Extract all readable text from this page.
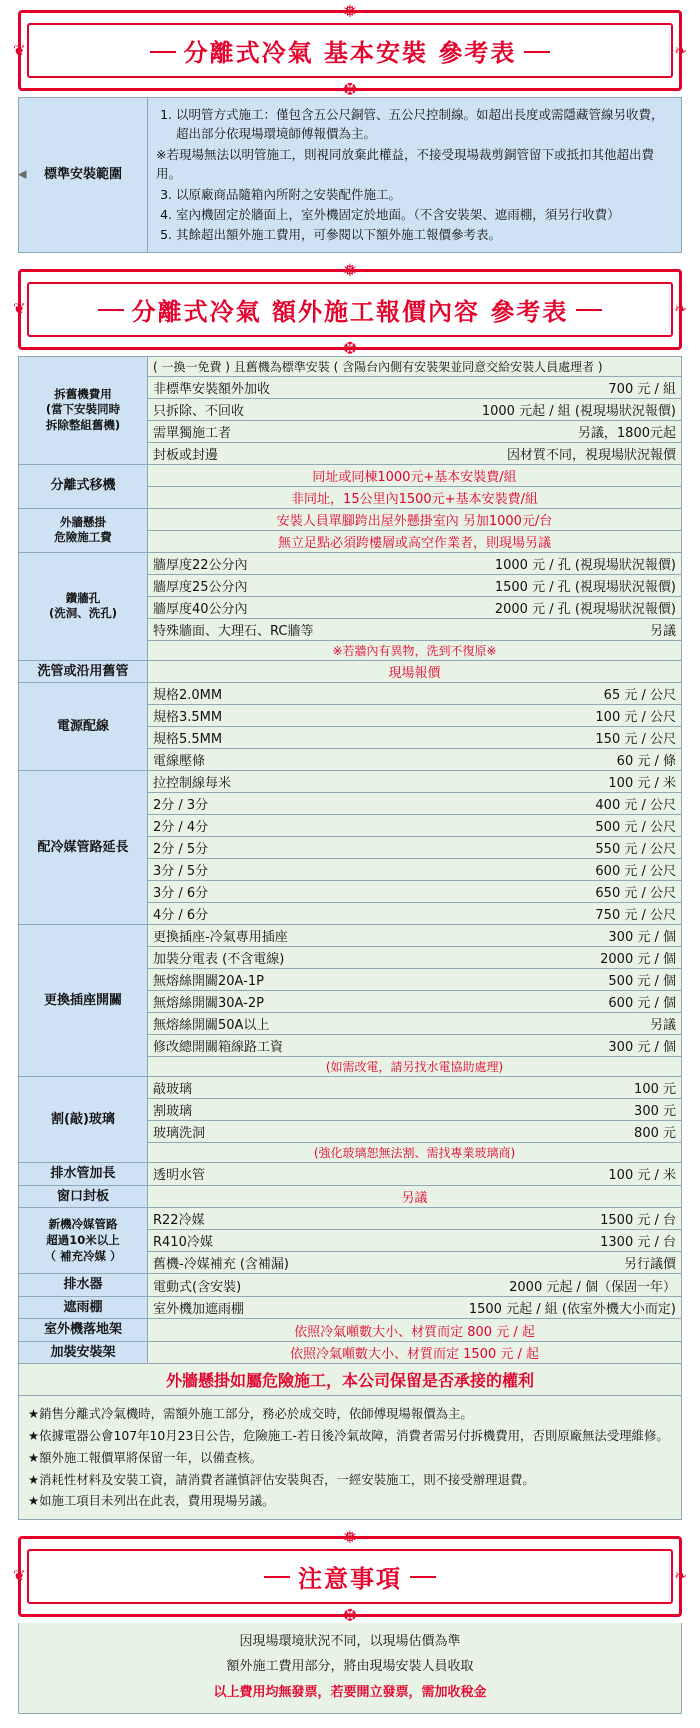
❅
❦	❧
分離式冷氣 基本安裝 參考表
❆
◀ 標準安裝範圍	
1. 以明管方式施工：僅包含五公尺銅管、五公尺控制線。如超出長度或需隱藏管線另收費，超出部分依現場環境師傅報價為主。
※若現場無法以明管施工，則視同放棄此權益，不接受現場裁剪銅管留下或抵扣其他超出費用。
3. 以原廠商品隨箱內所附之安裝配件施工。
4. 室內機固定於牆面上，室外機固定於地面。（不含安裝架、遮雨棚，須另行收費）
5. 其餘超出額外施工費用，可參閱以下額外施工報價參考表。
❅
❦	❧
分離式冷氣 額外施工報價內容 參考表
❆
拆舊機費用
(當下安裝同時
拆除整組舊機)	( 一換一免費 ) 且舊機為標準安裝 ( 含陽台內側有安裝架並同意交給安裝人員處理者 )

	非標準安裝額外加收 700 元 / 組

	只拆除、不回收 1000 元起 / 組 (視現場狀況報價)

	需單獨施工者 另議，1800元起

	封板或封邊 因材質不同，視現場狀況報價

分離式移機	同址或同棟1000元+基本安裝費/組
	非同址，15公里內1500元+基本安裝費/組
外牆懸掛
危險施工費	安裝人員單腳跨出屋外懸掛室內 另加1000元/台
	無立足點必須跨樓層或高空作業者，則現場另議
鑽牆孔
(洗洞、洗孔)	牆厚度22公分內 1000 元 / 孔 (視現場狀況報價)

	牆厚度25公分內 1500 元 / 孔 (視現場狀況報價)

	牆厚度40公分內 2000 元 / 孔 (視現場狀況報價)

	特殊牆面、大理石、RC牆等 另議

	※若牆內有異物，洗到不復原※
洗管或沿用舊管	現場報價
電源配線	規格2.0MM 65 元 / 公尺

	規格3.5MM 100 元 / 公尺

	規格5.5MM 150 元 / 公尺

	電線壓條 60 元 / 條

配冷媒管路延長	拉控制線每米 100 元 / 米

	2分 / 3分 400 元 / 公尺

	2分 / 4分 500 元 / 公尺

	2分 / 5分 550 元 / 公尺

	3分 / 5分 600 元 / 公尺

	3分 / 6分 650 元 / 公尺

	4分 / 6分 750 元 / 公尺

更換插座開關	更換插座-冷氣專用插座 300 元 / 個

	加裝分電表 (不含電線) 2000 元 / 個

	無熔絲開關20A-1P 500 元 / 個

	無熔絲開關30A-2P 600 元 / 個

	無熔絲開關50A以上 另議

	修改總開關箱線路工資 300 元 / 個

	(如需改電，請另找水電協助處理)
割(敲)玻璃	敲玻璃 100 元

	割玻璃 300 元

	玻璃洗洞 800 元

	(強化玻璃恕無法割、需找專業玻璃商)
排水管加長	透明水管 100 元 / 米

窗口封板	另議
新機冷媒管路
超過10米以上
（ 補充冷媒 ）	R22冷媒 1500 元 / 台

	R410冷媒 1300 元 / 台

	舊機-冷媒補充 (含補漏) 另行議價

排水器	電動式(含安裝) 2000 元起 / 個（保固一年）

遮雨棚	室外機加遮雨棚 1500 元起 / 組 (依室外機大小而定)

室外機落地架	依照冷氣噸數大小、材質而定 800 元 / 起
加裝安裝架	依照冷氣噸數大小、材質而定 1500 元 / 起
外牆懸掛如屬危險施工，本公司保留是否承接的權利
★銷售分離式冷氣機時，需額外施工部分，務必於成交時，依師傅現場報價為主。
★依據電器公會107年10月23日公告，危險施工-若日後冷氣故障，消費者需另付拆機費用，否則原廠無法受理維修。
★額外施工報價單將保留一年，以備查核。
★消耗性材料及安裝工資，請消費者謹慎評估安裝與否，一經安裝施工，則不接受辦理退費。
★如施工項目未列出在此表，費用現場另議。
❅
❦	❧
注意事項
❆
因現場環境狀況不同，以現場估價為準
額外施工費用部分，將由現場安裝人員收取
以上費用均無發票，若要開立發票，需加收稅金
